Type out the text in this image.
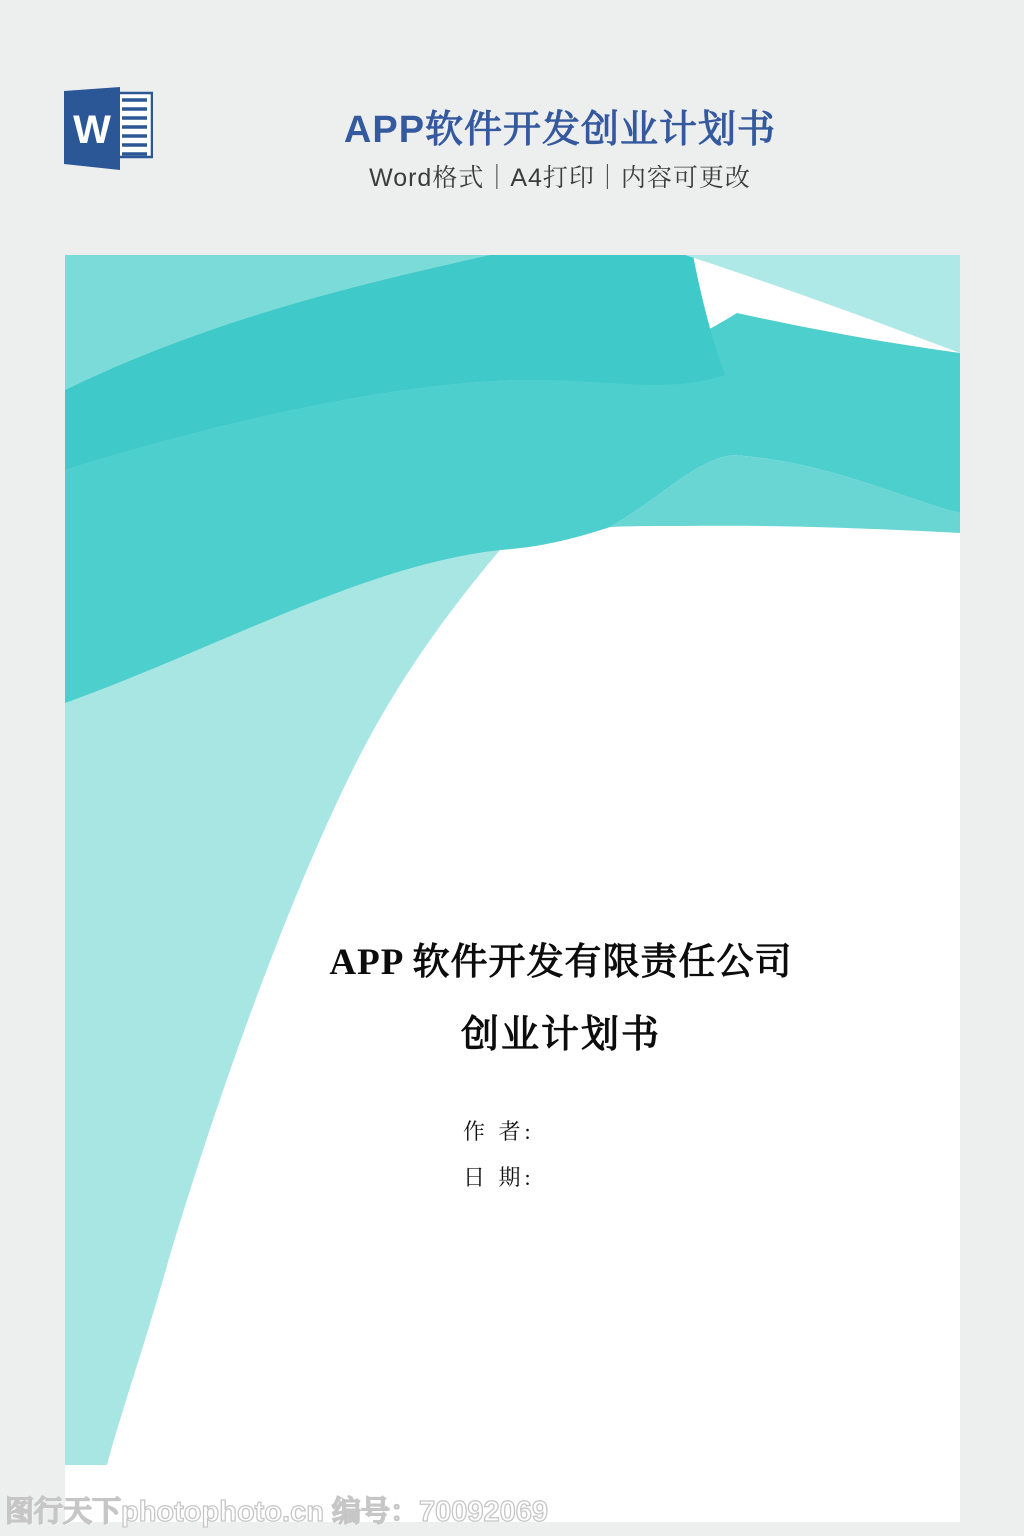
W	APP软件开发创业计划书

Word格式｜A4打印｜内容可更改

APP 软件开发有限责任公司
创业计划书
作 者:
日 期:
图行天下photophoto.cn 编号：70092069
